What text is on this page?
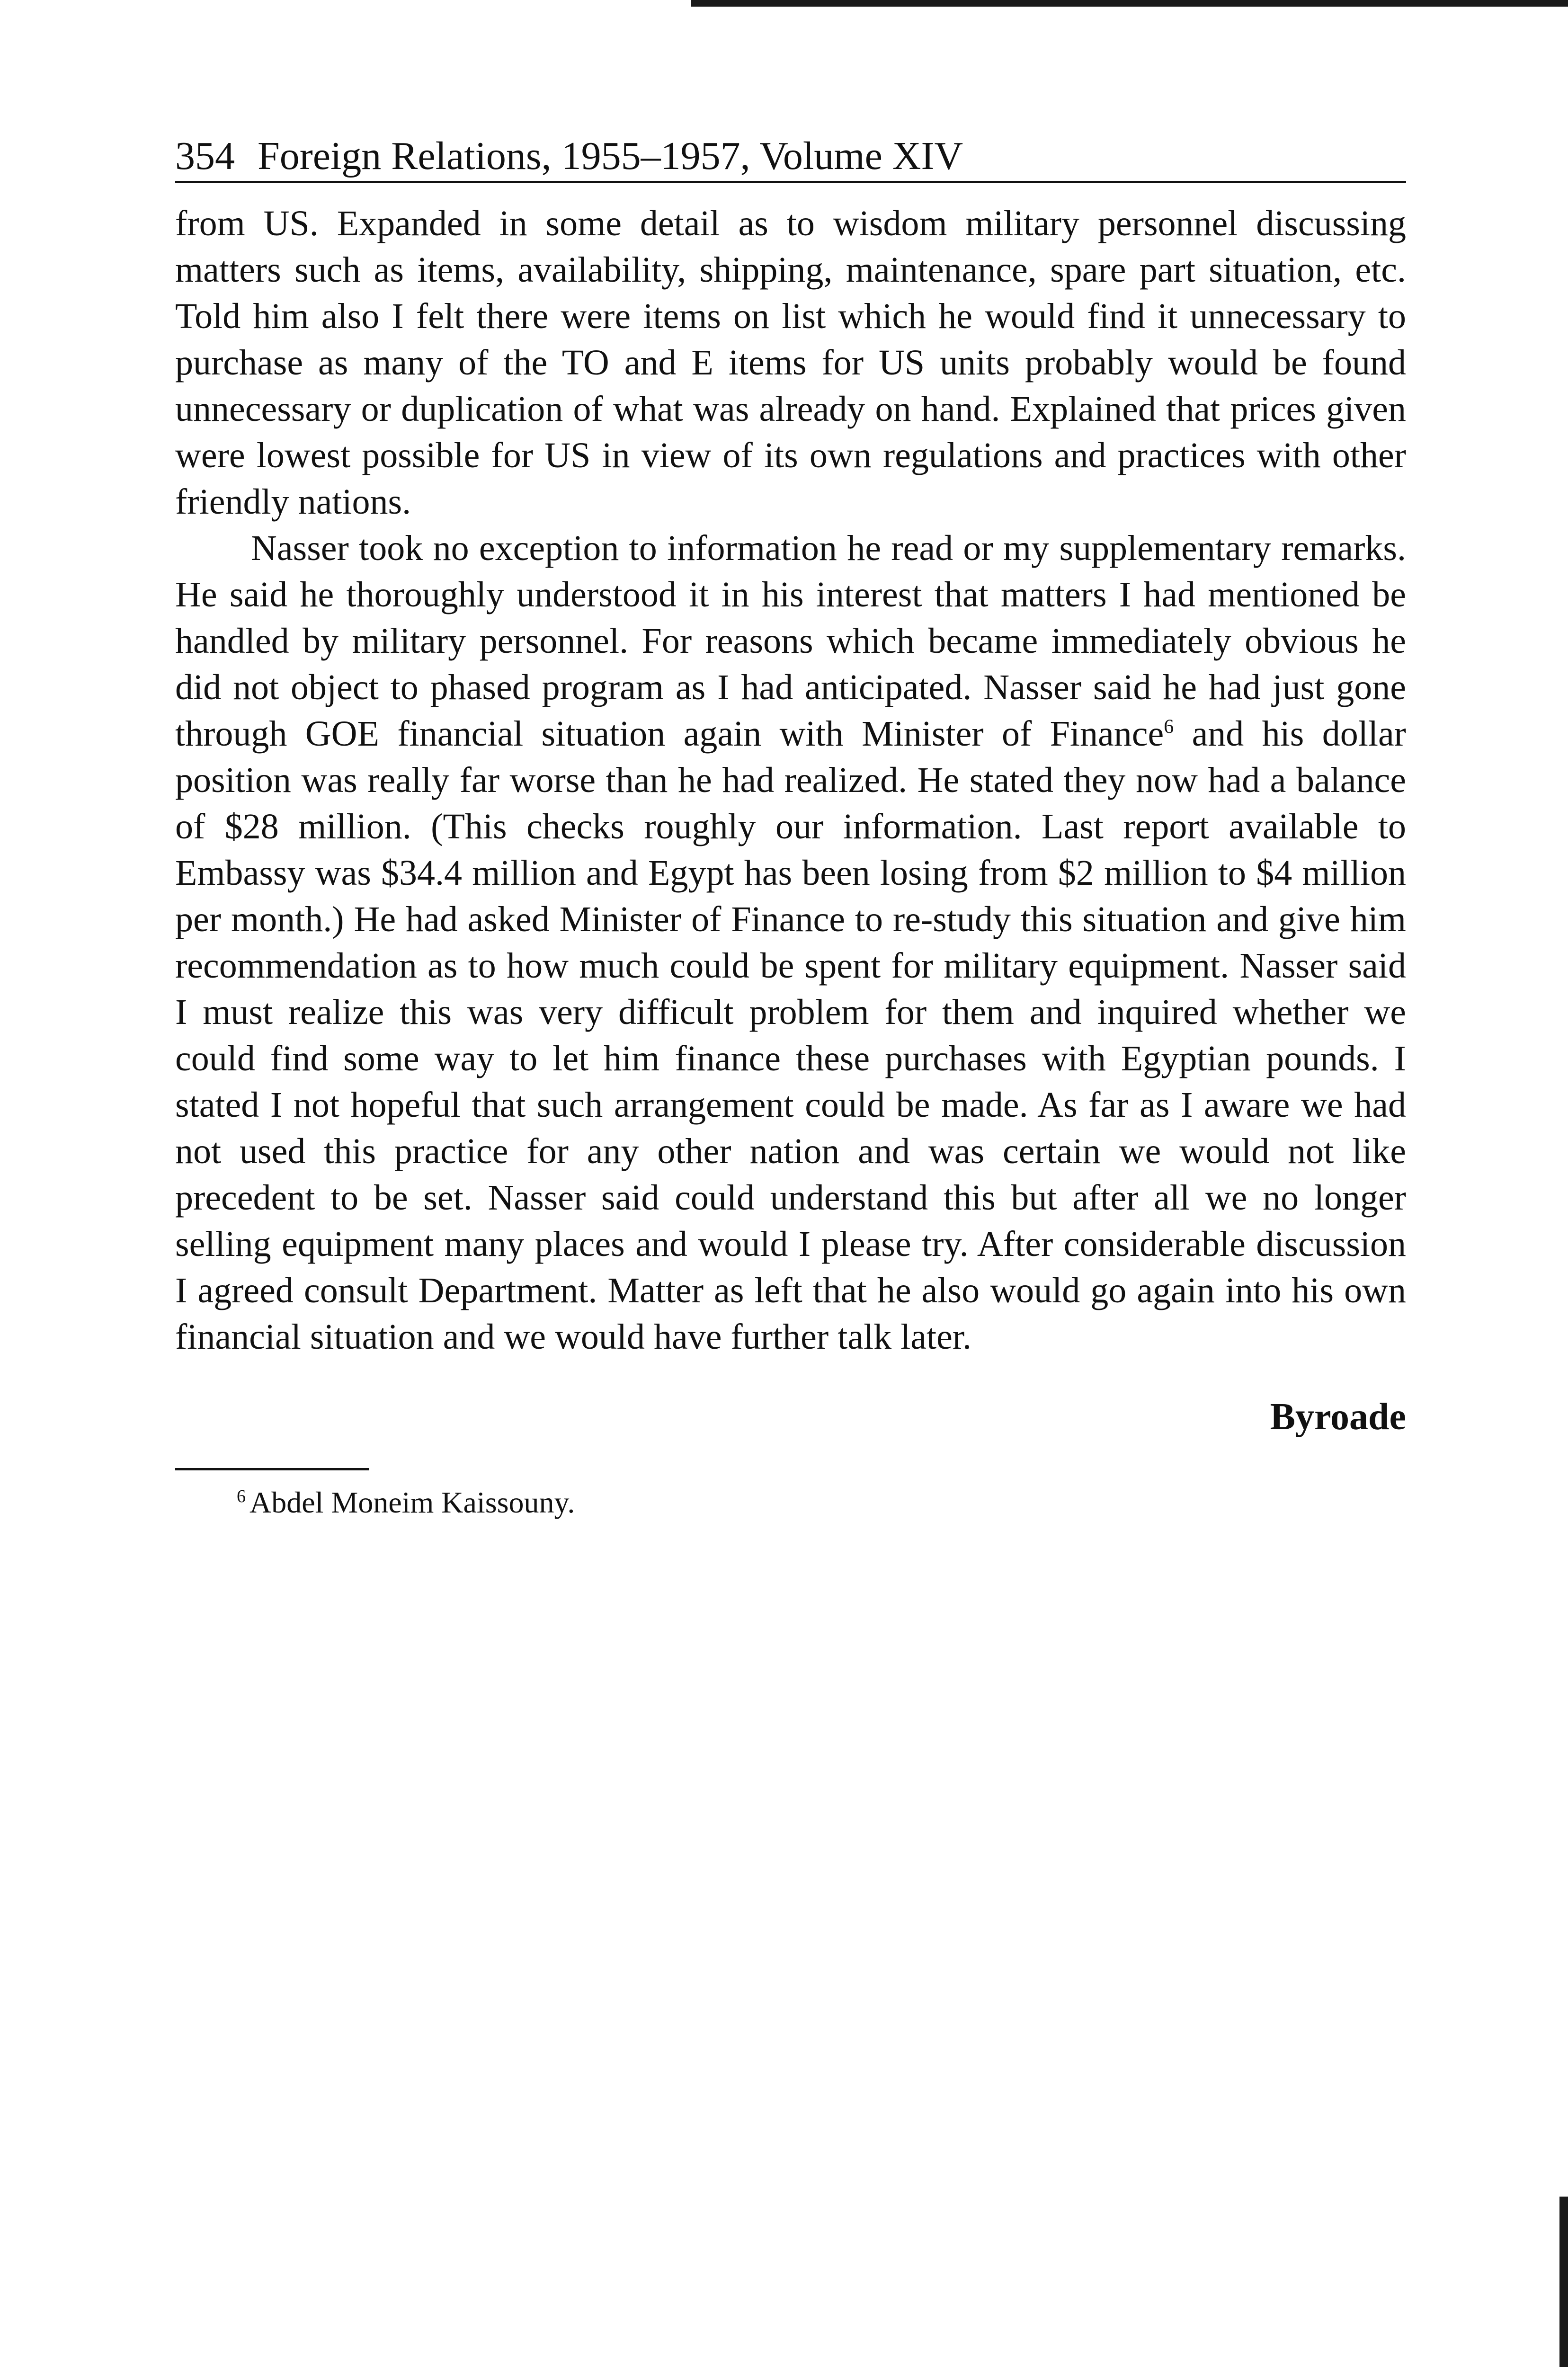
354 Foreign Relations, 1955–1957, Volume XIV

from US. Expanded in some detail as to wisdom military personnel discussing matters such as items, availability, shipping, maintenance, spare part situation, etc. Told him also I felt there were items on list which he would find it unnecessary to purchase as many of the TO and E items for US units probably would be found unnecessary or duplication of what was already on hand. Explained that prices given were lowest possible for US in view of its own regulations and practices with other friendly nations.

Nasser took no exception to information he read or my supplementary remarks. He said he thoroughly understood it in his interest that matters I had mentioned be handled by military personnel. For reasons which became immediately obvious he did not object to phased program as I had anticipated. Nasser said he had just gone through GOE financial situation again with Minister of Finance$^6$ and his dollar position was really far worse than he had realized. He stated they now had a balance of $28 million. (This checks roughly our information. Last report available to Embassy was $34.4 million and Egypt has been losing from $2 million to $4 million per month.) He had asked Minister of Finance to re-study this situation and give him recommendation as to how much could be spent for military equipment. Nasser said I must realize this was very difficult problem for them and inquired whether we could find some way to let him finance these purchases with Egyptian pounds. I stated I not hopeful that such arrangement could be made. As far as I aware we had not used this practice for any other nation and was certain we would not like precedent to be set. Nasser said could understand this but after all we no longer selling equipment many places and would I please try. After considerable discussion I agreed consult Department. Matter as left that he also would go again into his own financial situation and we would have further talk later.

Byroade
$^6$ Abdel Moneim Kaissouny.
